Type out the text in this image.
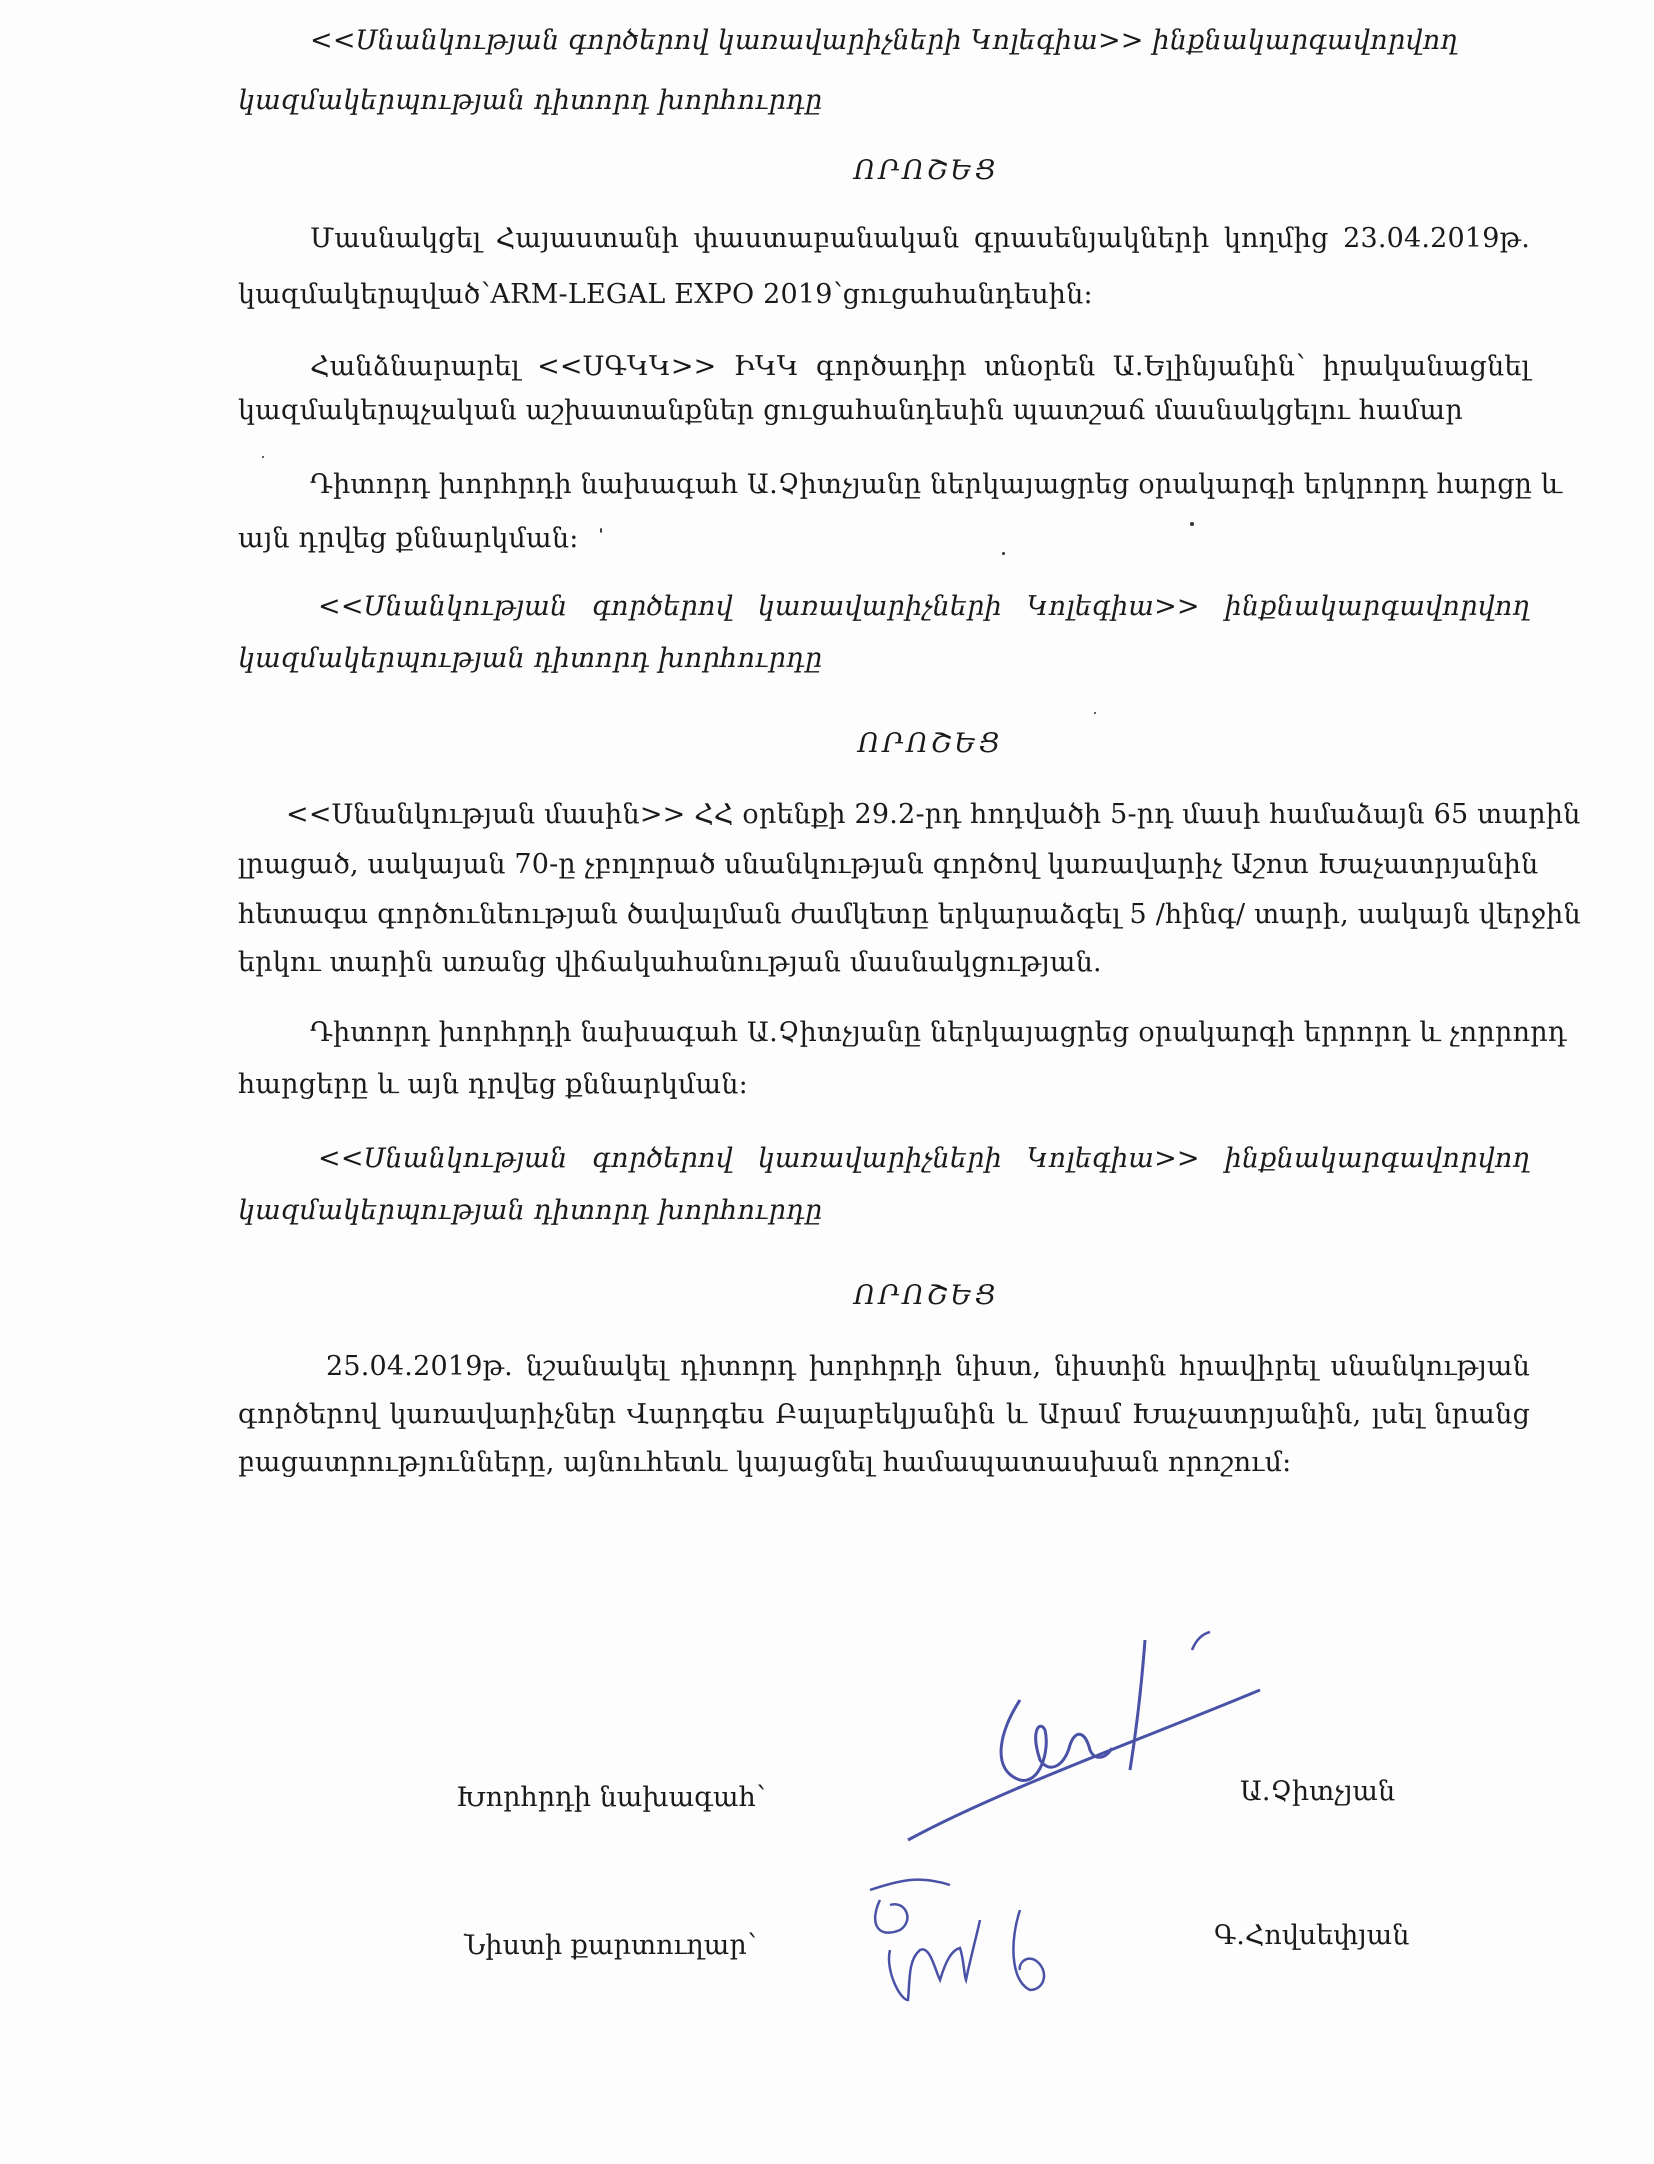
<<Սնանկության գործերով կառավարիչների Կոլեգիա>> ինքնակարգավորվող
կազմակերպության դիտորդ խորհուրդը
ՈՐՈՇԵՑ
Մասնակցել Հայաստանի փաստաբանական գրասենյակների կողմից 23.04.2019թ.
կազմակերպված՝ARM-LEGAL EXPO 2019՝ցուցահանդեսին:
Հանձնարարել <<ՍԳԿԿ>> ԻԿԿ գործադիր տնօրեն Ա.Ելինյանին՝ իրականացնել
կազմակերպչական աշխատանքներ ցուցահանդեսին պատշաճ մասնակցելու համար
Դիտորդ խորհրդի նախագահ Ա.Չիտչյանը ներկայացրեց օրակարգի երկրորդ հարցը և
այն դրվեց քննարկման:
<<Սնանկության գործերով կառավարիչների Կոլեգիա>> ինքնակարգավորվող
կազմակերպության դիտորդ խորհուրդը
ՈՐՈՇԵՑ
<<Սնանկության մասին>> ՀՀ օրենքի 29.2-րդ հոդվածի 5-րդ մասի համաձայն 65 տարին
լրացած, սակայան 70-ը չբոլորած սնանկության գործով կառավարիչ Աշոտ Խաչատրյանին
հետագա գործունեության ծավալման ժամկետը երկարաձգել 5 /հինգ/ տարի, սակայն վերջին
երկու տարին առանց վիճակահանության մասնակցության.
Դիտորդ խորհրդի նախագահ Ա.Չիտչյանը ներկայացրեց օրակարգի երրորդ և չորրորդ
հարցերը և այն դրվեց քննարկման:
<<Սնանկության գործերով կառավարիչների Կոլեգիա>> ինքնակարգավորվող
կազմակերպության դիտորդ խորհուրդը
ՈՐՈՇԵՑ
25.04.2019թ. նշանակել դիտորդ խորհրդի նիստ, նիստին հրավիրել սնանկության
գործերով կառավարիչներ Վարդգես Բալաբեկյանին և Արամ Խաչատրյանին, լսել նրանց
բացատրությունները, այնուհետև կայացնել համապատասխան որոշում:
Խորհրդի նախագահ՝	Ա.Չիտչյան
Նիստի քարտուղար՝	Գ.Հովսեփյան
